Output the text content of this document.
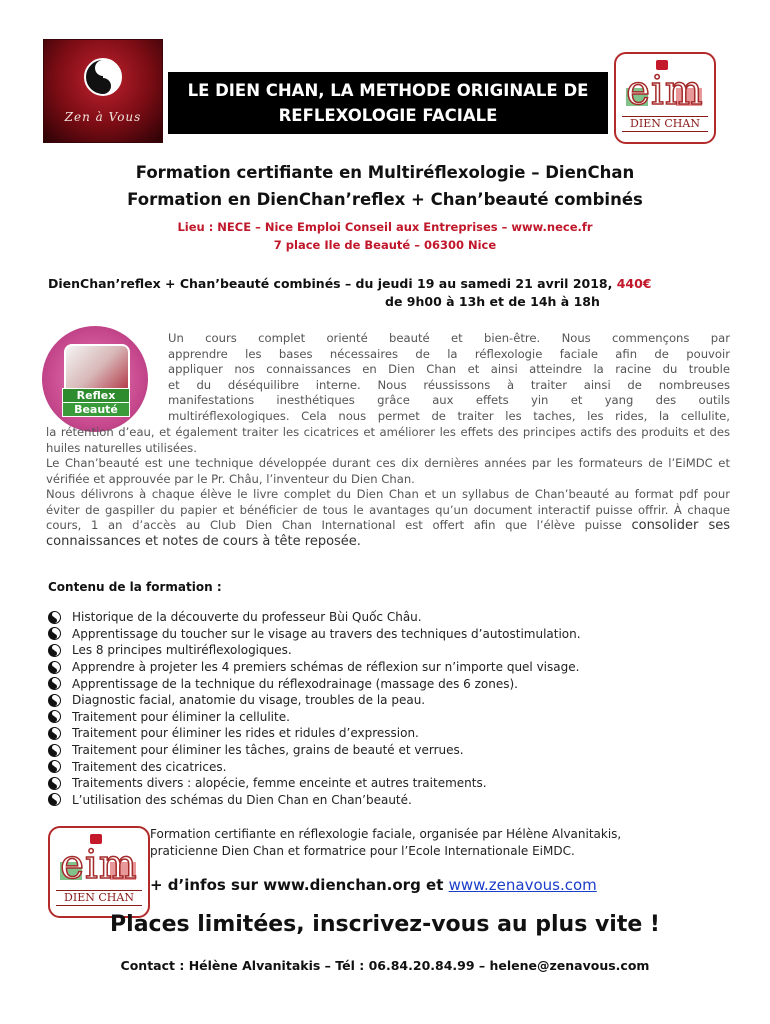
Zen à Vous
LE DIEN CHAN, LA METHODE ORIGINALE DE
REFLEXOLOGIE FACIALE
eim
DIEN CHAN
Formation certifiante en Multiréflexologie – DienChan
Formation en DienChan’reflex + Chan’beauté combinés
Lieu : NECE – Nice Emploi Conseil aux Entreprises – www.nece.fr
7 place Ile de Beauté – 06300 Nice
DienChan’reflex + Chan’beauté combinés – du jeudi 19 au samedi 21 avril 2018, 440€
de 9h00 à 13h et de 14h à 18h
Reflex
Beauté
Un cours complet orienté beauté et bien-être. Nous commençons par
apprendre les bases nécessaires de la réflexologie faciale afin de pouvoir
appliquer nos connaissances en Dien Chan et ainsi atteindre la racine du trouble
et du déséquilibre interne. Nous réussissons à traiter ainsi de nombreuses
manifestations inesthétiques grâce aux effets yin et yang des outils
multiréflexologiques. Cela nous permet de traiter les taches, les rides, la cellulite,
la rétention d’eau, et également traiter les cicatrices et améliorer les effets des principes actifs des produits et des huiles naturelles utilisées.
Le Chan’beauté est une technique développée durant ces dix dernières années par les formateurs de l’EiMDC et vérifiée et approuvée par le Pr. Châu, l’inventeur du Dien Chan.
Nous délivrons à chaque élève le livre complet du Dien Chan et un syllabus de Chan’beauté au format pdf pour éviter de gaspiller du papier et bénéficier de tous le avantages qu’un document interactif puisse offrir. À chaque cours, 1 an d’accès au Club Dien Chan International est offert afin que l’élève puisse consolider ses connaissances et notes de cours à tête reposée.
Contenu de la formation :
Historique de la découverte du professeur Bùi Quốc Châu.
Apprentissage du toucher sur le visage au travers des techniques d’autostimulation.
Les 8 principes multiréflexologiques.
Apprendre à projeter les 4 premiers schémas de réflexion sur n’importe quel visage.
Apprentissage de la technique du réflexodrainage (massage des 6 zones).
Diagnostic facial, anatomie du visage, troubles de la peau.
Traitement pour éliminer la cellulite.
Traitement pour éliminer les rides et ridules d’expression.
Traitement pour éliminer les tâches, grains de beauté et verrues.
Traitement des cicatrices.
Traitements divers : alopécie, femme enceinte et autres traitements.
L’utilisation des schémas du Dien Chan en Chan’beauté.
eim
DIEN CHAN
Formation certifiante en réflexologie faciale, organisée par Hélène Alvanitakis,
praticienne Dien Chan et formatrice pour l’Ecole Internationale EiMDC.
+ d’infos sur www.dienchan.org et www.zenavous.com
Places limitées, inscrivez-vous au plus vite !
Contact : Hélène Alvanitakis – Tél : 06.84.20.84.99 – helene@zenavous.com
